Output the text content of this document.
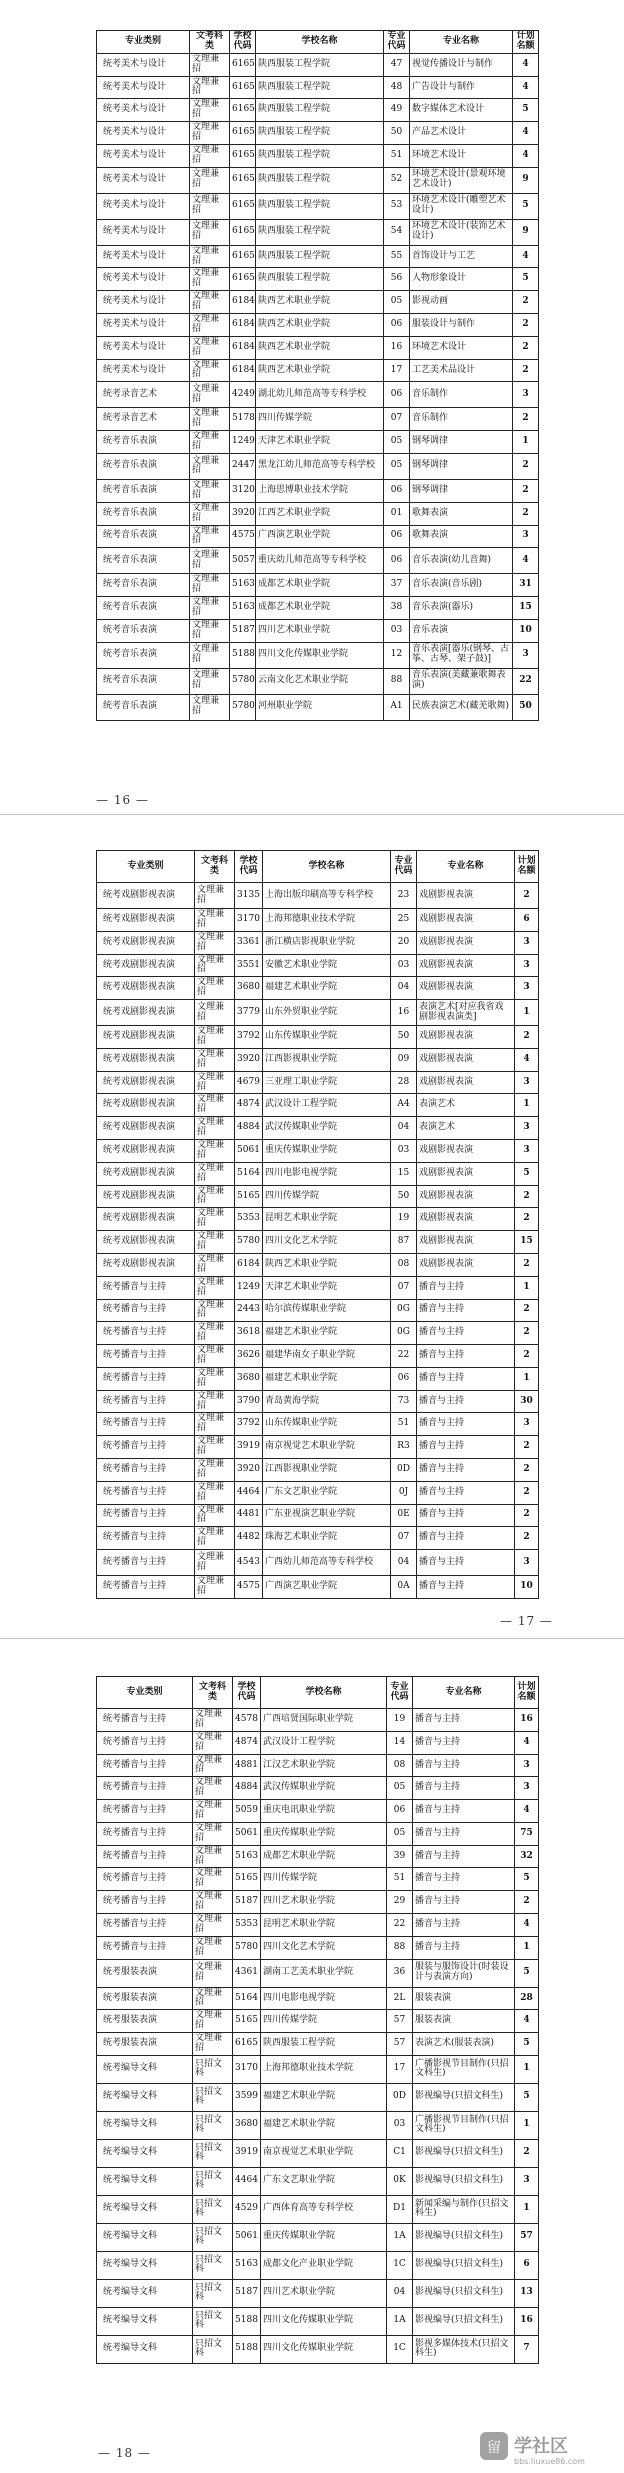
专业类别	文考科类	学校代码	学校名称	专业代码	专业名称	计划名额
统考美术与设计	文理兼招	6165	陕西服装工程学院	47	视觉传播设计与制作	4
统考美术与设计	文理兼招	6165	陕西服装工程学院	48	广告设计与制作	4
统考美术与设计	文理兼招	6165	陕西服装工程学院	49	数字媒体艺术设计	5
统考美术与设计	文理兼招	6165	陕西服装工程学院	50	产品艺术设计	4
统考美术与设计	文理兼招	6165	陕西服装工程学院	51	环境艺术设计	4
统考美术与设计	文理兼招	6165	陕西服装工程学院	52	环境艺术设计(景观环境艺术设计)	9
统考美术与设计	文理兼招	6165	陕西服装工程学院	53	环境艺术设计(雕塑艺术设计)	5
统考美术与设计	文理兼招	6165	陕西服装工程学院	54	环境艺术设计(装饰艺术设计)	9
统考美术与设计	文理兼招	6165	陕西服装工程学院	55	首饰设计与工艺	4
统考美术与设计	文理兼招	6165	陕西服装工程学院	56	人物形象设计	5
统考美术与设计	文理兼招	6184	陕西艺术职业学院	05	影视动画	2
统考美术与设计	文理兼招	6184	陕西艺术职业学院	06	服装设计与制作	2
统考美术与设计	文理兼招	6184	陕西艺术职业学院	16	环境艺术设计	2
统考美术与设计	文理兼招	6184	陕西艺术职业学院	17	工艺美术品设计	2
统考录音艺术	文理兼招	4249	湖北幼儿师范高等专科学校	06	音乐制作	3
统考录音艺术	文理兼招	5178	四川传媒学院	07	音乐制作	2
统考音乐表演	文理兼招	1249	天津艺术职业学院	05	钢琴调律	1
统考音乐表演	文理兼招	2447	黑龙江幼儿师范高等专科学校	05	钢琴调律	2
统考音乐表演	文理兼招	3120	上海思博职业技术学院	06	钢琴调律	2
统考音乐表演	文理兼招	3920	江西艺术职业学院	01	歌舞表演	2
统考音乐表演	文理兼招	4575	广西演艺职业学院	06	歌舞表演	3
统考音乐表演	文理兼招	5057	重庆幼儿师范高等专科学校	06	音乐表演(幼儿音舞)	4
统考音乐表演	文理兼招	5163	成都艺术职业学院	37	音乐表演(音乐剧)	31
统考音乐表演	文理兼招	5163	成都艺术职业学院	38	音乐表演(器乐)	15
统考音乐表演	文理兼招	5187	四川艺术职业学院	03	音乐表演	10
统考音乐表演	文理兼招	5188	四川文化传媒职业学院	12	音乐表演[器乐(钢琴、古筝、古琴、架子鼓)]	3
统考音乐表演	文理兼招	5780	云南文化艺术职业学院	88	音乐表演(美藏兼歌舞表演)	22
统考音乐表演	文理兼招	5780	河州职业学院	A1	民族表演艺术(藏羌歌舞)	50
— 16 —
专业类别	文考科类	学校代码	学校名称	专业代码	专业名称	计划名额
统考戏剧影视表演	文理兼招	3135	上海出版印刷高等专科学校	23	戏剧影视表演	2
统考戏剧影视表演	文理兼招	3170	上海邦德职业技术学院	25	戏剧影视表演	6
统考戏剧影视表演	文理兼招	3361	浙江横店影视职业学院	20	戏剧影视表演	3
统考戏剧影视表演	文理兼招	3551	安徽艺术职业学院	03	戏剧影视表演	3
统考戏剧影视表演	文理兼招	3680	福建艺术职业学院	04	戏剧影视表演	3
统考戏剧影视表演	文理兼招	3779	山东外贸职业学院	16	表演艺术[对应我省戏剧影视表演类]	1
统考戏剧影视表演	文理兼招	3792	山东传媒职业学院	50	戏剧影视表演	2
统考戏剧影视表演	文理兼招	3920	江西影视职业学院	09	戏剧影视表演	4
统考戏剧影视表演	文理兼招	4679	三亚理工职业学院	28	戏剧影视表演	3
统考戏剧影视表演	文理兼招	4874	武汉设计工程学院	A4	表演艺术	1
统考戏剧影视表演	文理兼招	4884	武汉传媒职业学院	04	表演艺术	3
统考戏剧影视表演	文理兼招	5061	重庆传媒职业学院	03	戏剧影视表演	3
统考戏剧影视表演	文理兼招	5164	四川电影电视学院	15	戏剧影视表演	5
统考戏剧影视表演	文理兼招	5165	四川传媒学院	50	戏剧影视表演	2
统考戏剧影视表演	文理兼招	5353	昆明艺术职业学院	19	戏剧影视表演	2
统考戏剧影视表演	文理兼招	5780	四川文化艺术学院	87	戏剧影视表演	15
统考戏剧影视表演	文理兼招	6184	陕西艺术职业学院	08	戏剧影视表演	2
统考播音与主持	文理兼招	1249	天津艺术职业学院	07	播音与主持	1
统考播音与主持	文理兼招	2443	哈尔滨传媒职业学院	0G	播音与主持	2
统考播音与主持	文理兼招	3618	福建艺术职业学院	0G	播音与主持	2
统考播音与主持	文理兼招	3626	福建华南女子职业学院	22	播音与主持	2
统考播音与主持	文理兼招	3680	福建艺术职业学院	06	播音与主持	1
统考播音与主持	文理兼招	3790	青岛黄海学院	73	播音与主持	30
统考播音与主持	文理兼招	3792	山东传媒职业学院	51	播音与主持	3
统考播音与主持	文理兼招	3919	南京视觉艺术职业学院	R3	播音与主持	2
统考播音与主持	文理兼招	3920	江西影视职业学院	0D	播音与主持	2
统考播音与主持	文理兼招	4464	广东文艺职业学院	0J	播音与主持	2
统考播音与主持	文理兼招	4481	广东亚视演艺职业学院	0E	播音与主持	2
统考播音与主持	文理兼招	4482	珠海艺术职业学院	07	播音与主持	2
统考播音与主持	文理兼招	4543	广西幼儿师范高等专科学校	04	播音与主持	3
统考播音与主持	文理兼招	4575	广西演艺职业学院	0A	播音与主持	10
— 17 —
专业类别	文考科类	学校代码	学校名称	专业代码	专业名称	计划名额
统考播音与主持	文理兼招	4578	广西培贤国际职业学院	19	播音与主持	16
统考播音与主持	文理兼招	4874	武汉设计工程学院	14	播音与主持	4
统考播音与主持	文理兼招	4881	江汉艺术职业学院	08	播音与主持	3
统考播音与主持	文理兼招	4884	武汉传媒职业学院	05	播音与主持	3
统考播音与主持	文理兼招	5059	重庆电讯职业学院	06	播音与主持	4
统考播音与主持	文理兼招	5061	重庆传媒职业学院	05	播音与主持	75
统考播音与主持	文理兼招	5163	成都艺术职业学院	39	播音与主持	32
统考播音与主持	文理兼招	5165	四川传媒学院	51	播音与主持	5
统考播音与主持	文理兼招	5187	四川艺术职业学院	29	播音与主持	2
统考播音与主持	文理兼招	5353	昆明艺术职业学院	22	播音与主持	4
统考播音与主持	文理兼招	5780	四川文化艺术学院	88	播音与主持	1
统考服装表演	文理兼招	4361	湖南工艺美术职业学院	36	服装与服饰设计(时装设计与表演方向)	5
统考服装表演	文理兼招	5164	四川电影电视学院	2L	服装表演	28
统考服装表演	文理兼招	5165	四川传媒学院	57	服装表演	4
统考服装表演	文理兼招	6165	陕西服装工程学院	57	表演艺术(服装表演)	5
统考编导文科	只招文科	3170	上海邦德职业技术学院	17	广播影视节目制作(只招文科生)	1
统考编导文科	只招文科	3599	福建艺术职业学院	0D	影视编导(只招文科生)	5
统考编导文科	只招文科	3680	福建艺术职业学院	03	广播影视节目制作(只招文科生)	1
统考编导文科	只招文科	3919	南京视觉艺术职业学院	C1	影视编导(只招文科生)	2
统考编导文科	只招文科	4464	广东文艺职业学院	0K	影视编导(只招文科生)	3
统考编导文科	只招文科	4529	广西体育高等专科学校	D1	新闻采编与制作(只招文科生)	1
统考编导文科	只招文科	5061	重庆传媒职业学院	1A	影视编导(只招文科生)	57
统考编导文科	只招文科	5163	成都文化产业职业学院	1C	影视编导(只招文科生)	6
统考编导文科	只招文科	5187	四川艺术职业学院	04	影视编导(只招文科生)	13
统考编导文科	只招文科	5188	四川文化传媒职业学院	1A	影视编导(只招文科生)	16
统考编导文科	只招文科	5188	四川文化传媒职业学院	1C	影视多媒体技术(只招文科生)	7
— 18 —	留 学社区
bbs.liuxue86.com
